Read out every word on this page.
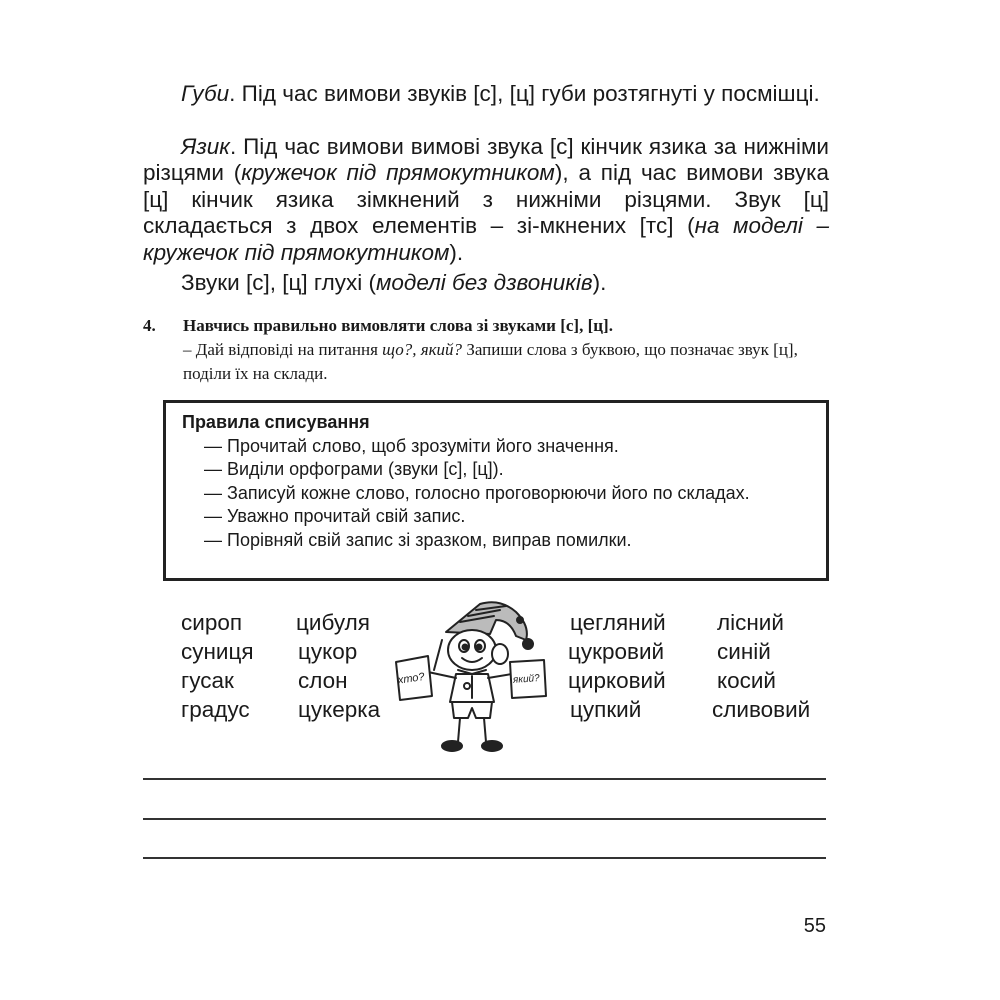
Губи. Під час вимови звуків [с], [ц] губи розтягнуті у посмішці.

Язик. Під час вимови вимові звука [с] кінчик язика за нижніми різцями (кружечок під прямокутником), а під час вимови звука [ц] кінчик язика зімкнений з нижніми різцями. Звук [ц] складається з двох елементів – зі-мкнених [тс] (на моделі – кружечок під прямокутником).

Звуки [с], [ц] глухі (моделі без дзвоників).

4. Навчись правильно вимовляти слова зі звуками [с], [ц].
– Дай відповіді на питання що?, який? Запиши слова з буквою, що позначає звук [ц], поділи їх на склади.
Правила списування

— Прочитай слово, щоб зрозуміти його значення.

— Виділи орфограми (звуки [с], [ц]).

— Записуй кожне слово, голосно проговорюючи його по складах.

— Уважно прочитай свій запис.

— Порівняй свій запис зі зразком, виправ помилки.

сироп
суниця
гусак
градус
цибуля
цукор
слон
цукерка
цегляний
цукровий
цирковий
цупкий
лісний
синій
косий
сливовий
хто?	який?
55
